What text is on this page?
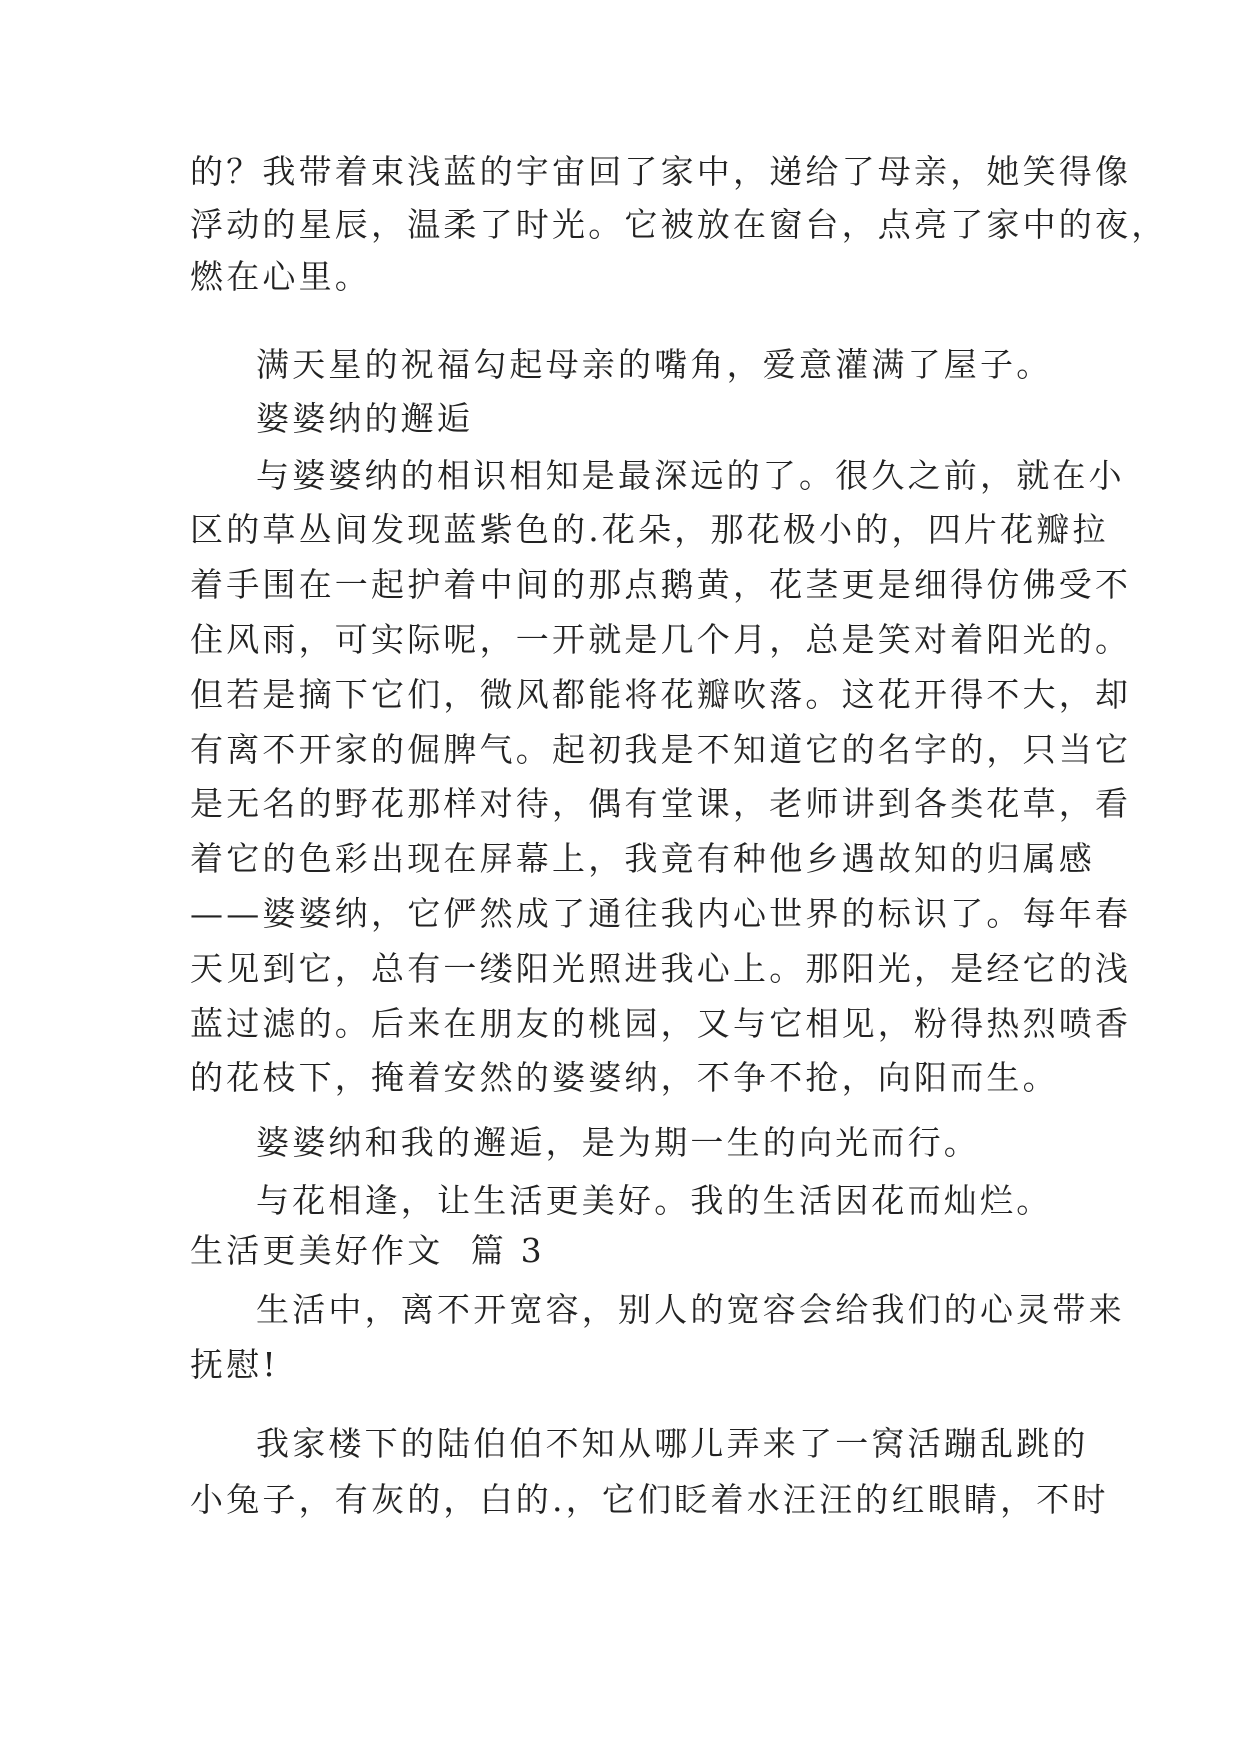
的？我带着束浅蓝的宇宙回了家中，递给了母亲，她笑得像
浮动的星辰，温柔了时光。它被放在窗台，点亮了家中的夜，
燃在心里。
满天星的祝福勾起母亲的嘴角，爱意灌满了屋子。
婆婆纳的邂逅
与婆婆纳的相识相知是最深远的了。很久之前，就在小
区的草丛间发现蓝紫色的.花朵，那花极小的，四片花瓣拉
着手围在一起护着中间的那点鹅黄，花茎更是细得仿佛受不
住风雨，可实际呢，一开就是几个月，总是笑对着阳光的。
但若是摘下它们，微风都能将花瓣吹落。这花开得不大，却
有离不开家的倔脾气。起初我是不知道它的名字的，只当它
是无名的野花那样对待，偶有堂课，老师讲到各类花草，看
着它的色彩出现在屏幕上，我竟有种他乡遇故知的归属感
——婆婆纳，它俨然成了通往我内心世界的标识了。每年春
天见到它，总有一缕阳光照进我心上。那阳光，是经它的浅
蓝过滤的。后来在朋友的桃园，又与它相见，粉得热烈喷香
的花枝下，掩着安然的婆婆纳，不争不抢，向阳而生。
婆婆纳和我的邂逅，是为期一生的向光而行。
与花相逢，让生活更美好。我的生活因花而灿烂。
生活更美好作文  篇 3
生活中，离不开宽容，别人的宽容会给我们的心灵带来
抚慰!
我家楼下的陆伯伯不知从哪儿弄来了一窝活蹦乱跳的
小兔子，有灰的，白的.，它们眨着水汪汪的红眼睛，不时
